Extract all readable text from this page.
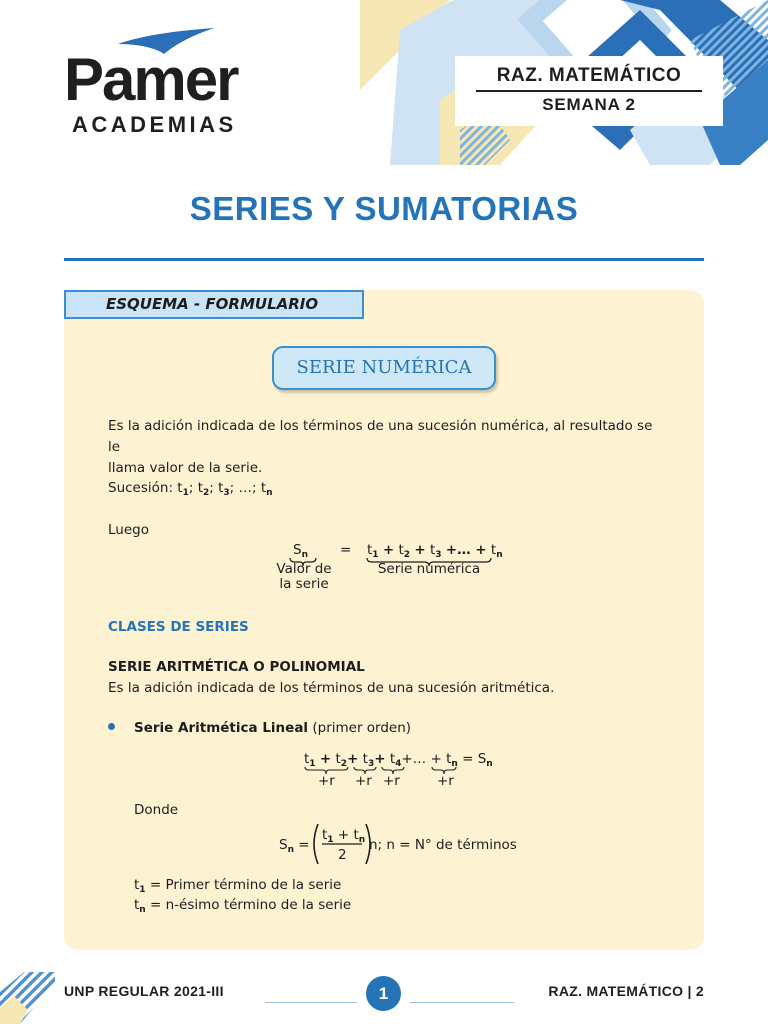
Pamer
ACADEMIAS
RAZ. MATEMÁTICO
SEMANA 2
SERIES Y SUMATORIAS
ESQUEMA - FORMULARIO
SERIE NUMÉRICA
Es la adición indicada de los términos de una sucesión numérica, al resultado se le
llama valor de la serie.
Sucesión: $t_1$; $t_2$; $t_3$; …; $t_n$
Luego
$S_n$
Valor de
la serie
= $t_1 + t_2 + t_3$ +… + $t_n$
Serie numérica
CLASES DE SERIES
SERIE ARITMÉTICA O POLINOMIAL
Es la adición indicada de los términos de una sucesión aritmética.
Serie Aritmética Lineal (primer orden)
$t_1 + t_2+ t_3+$ $t_4+\dots + t_n = S_n$
+r +r +r	+r
Donde
$S_n$ =
$t_1 + t_n$
2
n; n = N° de términos
$t_1$ = Primer término de la serie
$t_n$ = n-ésimo término de la serie
UNP REGULAR 2021-III	1	RAZ. MATEMÁTICO | 2
